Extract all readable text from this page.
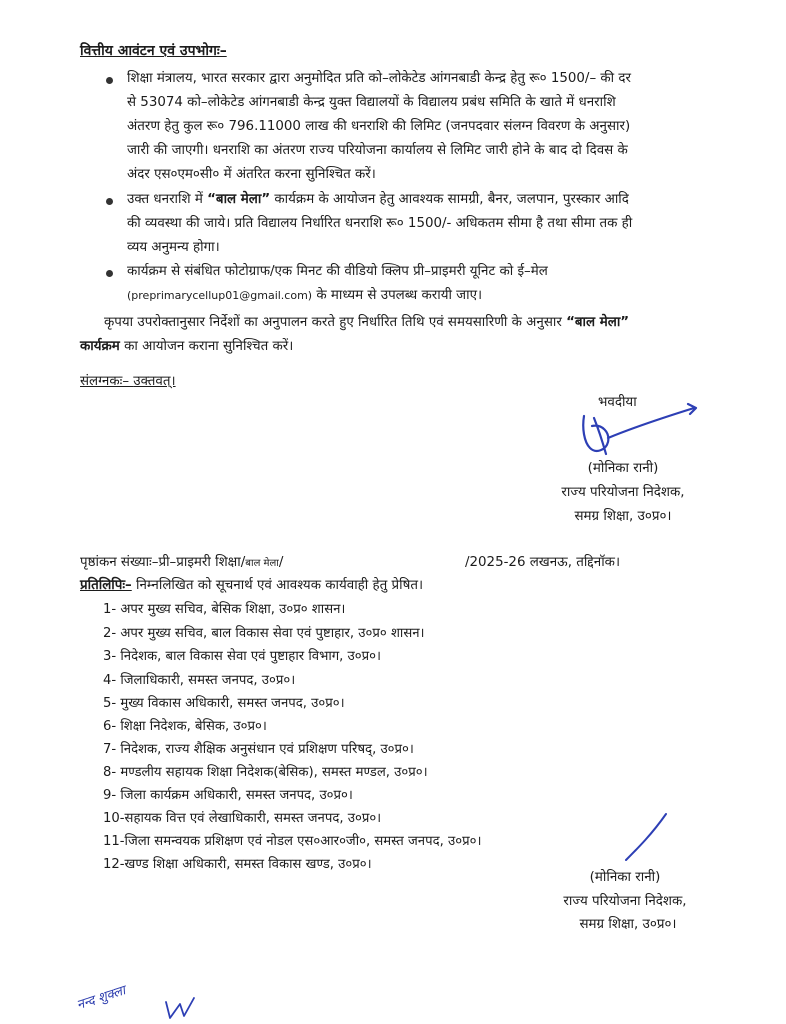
वित्तीय आवंटन एवं उपभोगः–
शिक्षा मंत्रालय, भारत सरकार द्वारा अनुमोदित प्रति को–लोकेटेड आंगनबाडी केन्द्र हेतु रू० 1500/– की दर
से 53074 को–लोकेटेड आंगनबाडी केन्द्र युक्त विद्यालयों के विद्यालय प्रबंध समिति के खाते में धनराशि
अंतरण हेतु कुल रू० 796.11000 लाख की धनराशि की लिमिट (जनपदवार संलग्न विवरण के अनुसार)
जारी की जाएगी। धनराशि का अंतरण राज्य परियोजना कार्यालय से लिमिट जारी होने के बाद दो दिवस के
अंदर एस०एम०सी० में अंतरित करना सुनिश्चित करें।
उक्त धनराशि में “बाल मेला” कार्यक्रम के आयोजन हेतु आवश्यक सामग्री, बैनर, जलपान, पुरस्कार आदि
की व्यवस्था की जाये। प्रति विद्यालय निर्धारित धनराशि रू० 1500/- अधिकतम सीमा है तथा सीमा तक ही
व्यय अनुमन्य होगा।
कार्यक्रम से संबंधित फोटोग्राफ/एक मिनट की वीडियो क्लिप प्री–प्राइमरी यूनिट को ई–मेल
(preprimarycellup01@gmail.com) के माध्यम से उपलब्ध करायी जाए।
कृपया उपरोक्तानुसार निर्देशों का अनुपालन करते हुए निर्धारित तिथि एवं समयसारिणी के अनुसार “बाल मेला”
कार्यक्रम का आयोजन कराना सुनिश्चित करें।
संलग्नकः– उक्तवत्।
भवदीया
(मोनिका रानी)
राज्य परियोजना निदेशक,
समग्र शिक्षा, उ०प्र०।
पृष्ठांकन संख्याः–प्री–प्राइमरी शिक्षा/बाल मेला/	/2025-26 लखनऊ, तद्दिनॉक।
प्रतिलिपिः– निम्नलिखित को सूचनार्थ एवं आवश्यक कार्यवाही हेतु प्रेषित।
1- अपर मुख्य सचिव, बेसिक शिक्षा, उ०प्र० शासन।
2- अपर मुख्य सचिव, बाल विकास सेवा एवं पुष्टाहार, उ०प्र० शासन।
3- निदेशक, बाल विकास सेवा एवं पुष्टाहार विभाग, उ०प्र०।
4- जिलाधिकारी, समस्त जनपद, उ०प्र०।
5- मुख्य विकास अधिकारी, समस्त जनपद, उ०प्र०।
6- शिक्षा निदेशक, बेसिक, उ०प्र०।
7- निदेशक, राज्य शैक्षिक अनुसंधान एवं प्रशिक्षण परिषद्, उ०प्र०।
8- मण्डलीय सहायक शिक्षा निदेशक(बेसिक), समस्त मण्डल, उ०प्र०।
9- जिला कार्यक्रम अधिकारी, समस्त जनपद, उ०प्र०।
10-सहायक वित्त एवं लेखाधिकारी, समस्त जनपद, उ०प्र०।
11-जिला समन्वयक प्रशिक्षण एवं नोडल एस०आर०जी०, समस्त जनपद, उ०प्र०।
12-खण्ड शिक्षा अधिकारी, समस्त विकास खण्ड, उ०प्र०।
(मोनिका रानी)
राज्य परियोजना निदेशक,
समग्र शिक्षा, उ०प्र०।
नन्द शुक्ला
